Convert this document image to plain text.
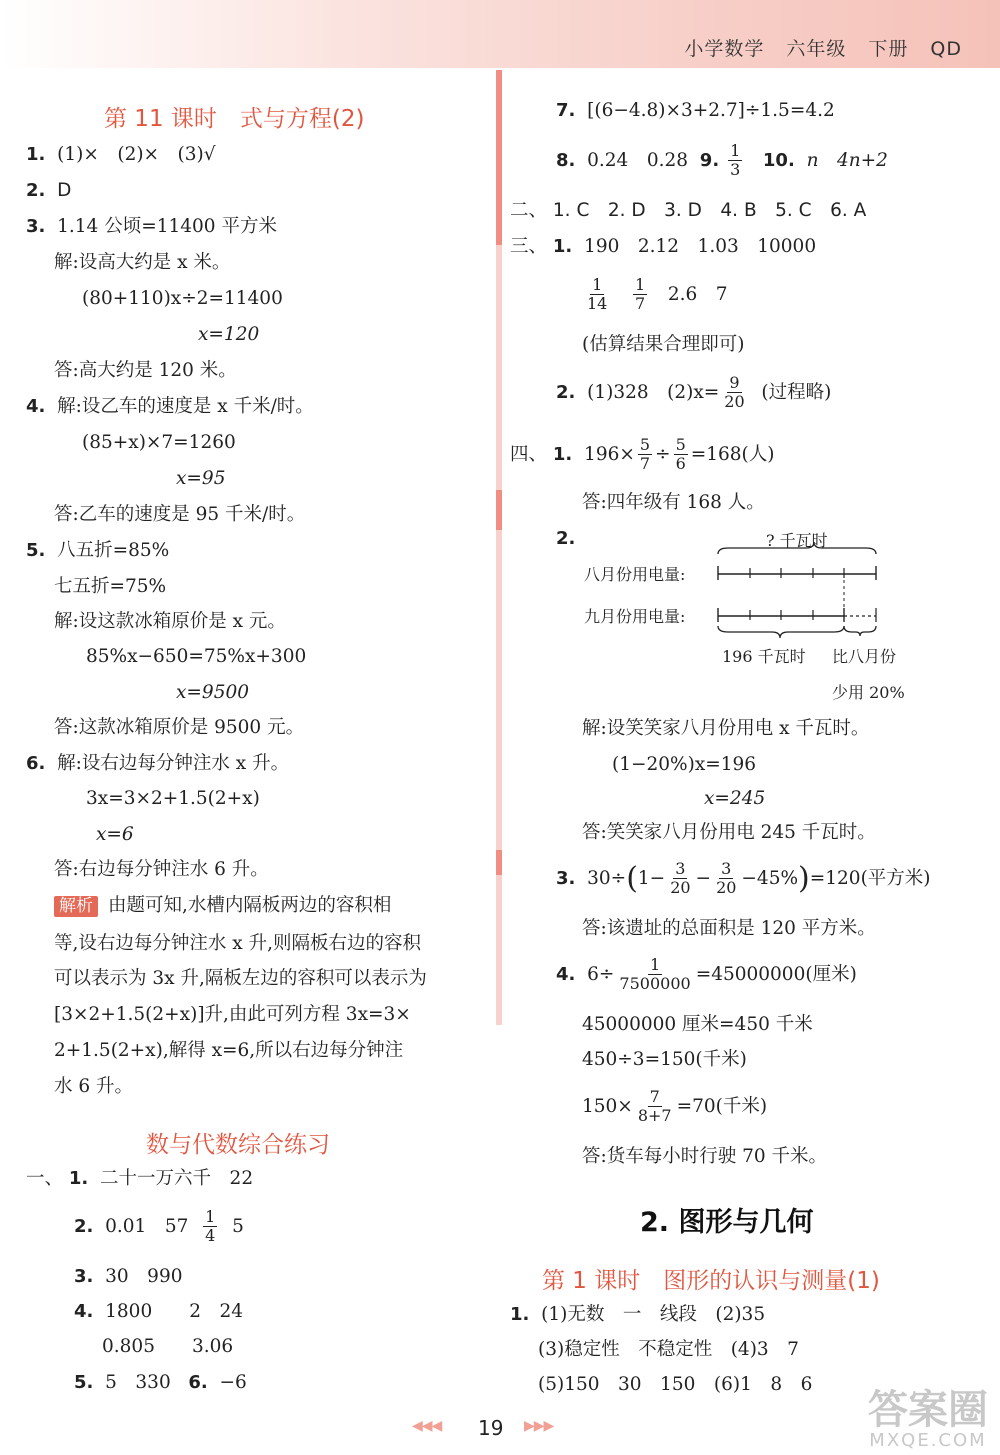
小学数学 六年级 下册 QD
第 11 课时　式与方程(2)
1. (1)×　(2)×　(3)√
2. D
3. 1.14 公顷=11400 平方米
解:设高大约是 x 米。
(80+110)x÷2=11400
x=120
答:高大约是 120 米。
4. 解:设乙车的速度是 x 千米/时。
(85+x)×7=1260
x=95
答:乙车的速度是 95 千米/时。
5. 八五折=85%
七五折=75%
解:设这款冰箱原价是 x 元。
85%x−650=75%x+300
x=9500
答:这款冰箱原价是 9500 元。
6. 解:设右边每分钟注水 x 升。
3x=3×2+1.5(2+x)
x=6
答:右边每分钟注水 6 升。
解析 由题可知,水槽内隔板两边的容积相
等,设右边每分钟注水 x 升,则隔板右边的容积
可以表示为 3x 升,隔板左边的容积可以表示为
[3×2+1.5(2+x)]升,由此可列方程 3x=3×
2+1.5(2+x),解得 x=6,所以右边每分钟注
水 6 升。
数与代数综合练习
一、 1. 二十一万六千　22
2.
0.01　57
$\frac{1}{4}$
5
3. 30　990
4. 1800　　2　24
0.805　　3.06
5. 5　330 6. −6
7. [(6−4.8)×3+2.7]÷1.5=4.2
8.
0.24　0.28
9.
$\frac{1}{3}$
10.
n　4n+2
二、 1. C　2. D　3. D　4. B　5. C　6. A
三、 1. 190　2.12　1.03　10000
$\frac{1}{14}$
$\frac{1}{7}$
2.6　7
(估算结果合理即可)
2.
(1)328　$(2)x= \frac{9}{20}$
(过程略)
四、
1.
$196\times \frac{5}{7} \div \frac{5}{6} =168$(人)
答:四年级有 168 人。
2.	? 千瓦时
八月份用电量:
九月份用电量:
196 千瓦时 比八月份
少用 20%
解:设笑笑家八月份用电 x 千瓦时。
(1−20%)x=196
x=245
答:笑笑家八月份用电 245 千瓦时。
3.
30÷ ( $1- \frac{3}{20} - \frac{3}{20} -45\%$ ) =120(平方米)
答:该遗址的总面积是 120 平方米。
4.
$6\div \frac{1}{7500000} =45000000$(厘米)
45000000 厘米=450 千米
450÷3=150(千米)
$150\times \frac{7}{8+7} =70$(千米)
答:货车每小时行驶 70 千米。
2. 图形与几何
第 1 课时　图形的认识与测量(1)
1. (1)无数　一　线段　(2)35
(3)稳定性　不稳定性　(4)3　7
(5)150　30　150　(6)1　8　6
◀◀◀ 19 ▶▶▶	答案圈
MXQE.COM
